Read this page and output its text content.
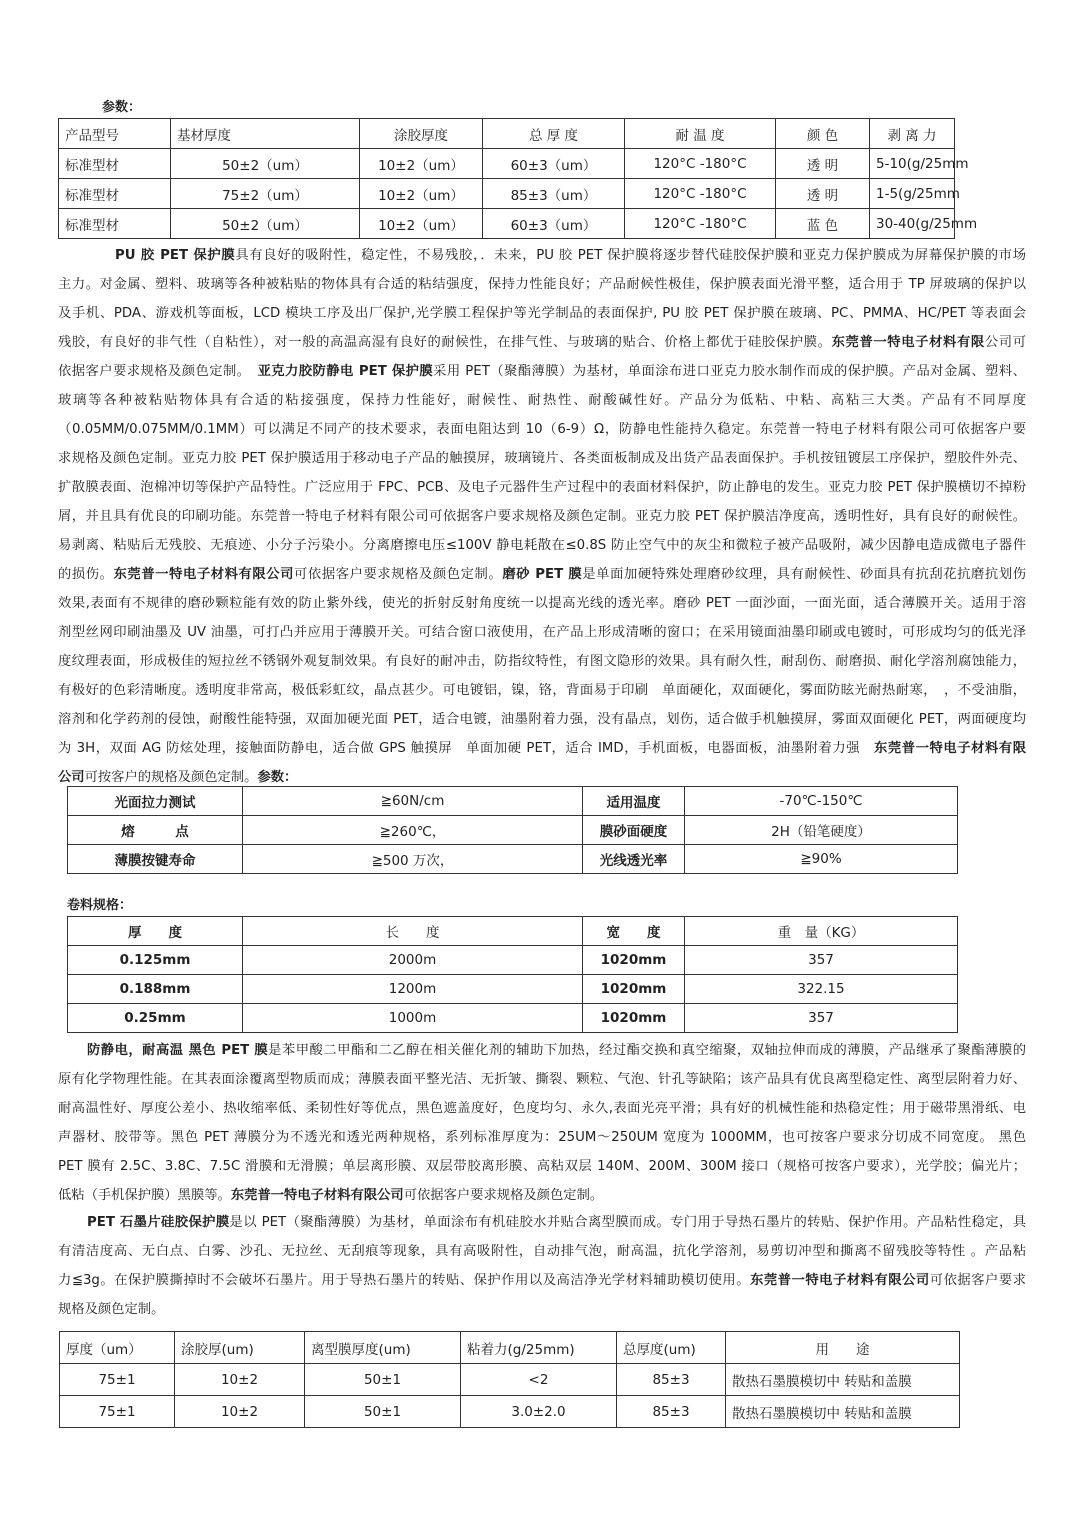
参数：
产品型号	基材厚度	涂胶厚度	总 厚 度	耐 温 度	颜 色	剥 离 力
标准型材	50±2（um）	10±2（um）	60±3（um）	120°C -180°C	透 明	5-10(g/25mm
标准型材	75±2（um）	10±2（um）	85±3（um）	120°C -180°C	透 明	1-5(g/25mm
标准型材	50±2（um）	10±2（um）	60±3（um）	120°C -180°C	蓝 色	30-40(g/25mm
PU 胶 PET 保护膜具有良好的吸附性，稳定性，不易残胶，．未来，PU 胶 PET 保护膜将逐步替代硅胶保护膜和亚克力保护膜成为屏幕保护膜的市场
主力。对金属、塑料、玻璃等各种被粘贴的物体具有合适的粘结强度，保持力性能良好；产品耐候性极佳，保护膜表面光滑平整，适合用于 TP 屏玻璃的保护以
及手机、PDA、游戏机等面板，LCD 模块工序及出厂保护,光学膜工程保护等光学制品的表面保护, PU 胶 PET 保护膜在玻璃、PC、PMMA、HC/PET 等表面会
残胶，有良好的非气性（自粘性），对一般的高温高湿有良好的耐候性，在排气性、与玻璃的贴合、价格上都优于硅胶保护膜。东莞普一特电子材料有限公司可
依据客户要求规格及颜色定制。　亚克力胶防静电 PET 保护膜采用 PET（聚酯薄膜）为基材，单面涂布进口亚克力胶水制作而成的保护膜。产品对金属、塑料、
玻璃等各种被粘贴物体具有合适的粘接强度，保持力性能好，耐候性、耐热性、耐酸碱性好。产品分为低粘、中粘、高粘三大类。产品有不同厚度
（0.05MM/0.075MM/0.1MM）可以满足不同产的技术要求，表面电阻达到 10（6-9）Ω，防静电性能持久稳定。东莞普一特电子材料有限公司可依据客户要
求规格及颜色定制。亚克力胶 PET 保护膜适用于移动电子产品的触摸屏，玻璃镜片、各类面板制成及出货产品表面保护。手机按钮镀层工序保护，塑胶件外壳、
扩散膜表面、泡棉冲切等保护产品特性。广泛应用于 FPC、PCB、及电子元器件生产过程中的表面材料保护，防止静电的发生。亚克力胶 PET 保护膜横切不掉粉
屑，并且具有优良的印刷功能。东莞普一特电子材料有限公司可依据客户要求规格及颜色定制。亚克力胶 PET 保护膜洁净度高，透明性好，具有良好的耐候性。
易剥离、粘贴后无残胶、无痕迹、小分子污染小。分离磨擦电压≤100V 静电耗散在≤0.8S 防止空气中的灰尘和微粒子被产品吸附，减少因静电造成微电子器件
的损伤。东莞普一特电子材料有限公司可依据客户要求规格及颜色定制。磨砂 PET 膜是单面加硬特殊处理磨砂纹理，具有耐候性、砂面具有抗刮花抗磨抗划伤
效果,表面有不规律的磨砂颗粒能有效的防止紫外线，使光的折射反射角度统一以提高光线的透光率。磨砂 PET 一面沙面，一面光面，适合薄膜开关。适用于溶
剂型丝网印刷油墨及 UV 油墨，可打凸并应用于薄膜开关。可结合窗口液使用，在产品上形成清晰的窗口；在采用镜面油墨印刷或电镀时，可形成均匀的低光泽
度纹理表面，形成极佳的短拉丝不锈钢外观复制效果。有良好的耐冲击，防指纹特性，有图文隐形的效果。具有耐久性，耐刮伤、耐磨损、耐化学溶剂腐蚀能力，
有极好的色彩清晰度。透明度非常高，极低彩虹纹，晶点甚少。可电镀铝，镍，铬，背面易于印刷　单面硬化，双面硬化，雾面防眩光耐热耐寒，　，不受油脂，
溶剂和化学药剂的侵蚀，耐酸性能特强，双面加硬光面 PET，适合电镀，油墨附着力强，没有晶点，划伤，适合做手机触摸屏，雾面双面硬化 PET，两面硬度均
为 3H，双面 AG 防炫处理，接触面防静电，适合做 GPS 触摸屏　单面加硬 PET，适合 IMD，手机面板，电器面板，油墨附着力强　东莞普一特电子材料有限
公司可按客户的规格及颜色定制。参数：
光面拉力测试	≧60N/cm	适用温度	-70℃-150℃
熔　　　点	≧260℃，	膜砂面硬度	2H（铅笔硬度）
薄膜按键寿命	≧500 万次，	光线透光率	≧90%
卷料规格：
厚　　度	长　　度	宽　　度	重　量（KG）
0.125mm	2000m	1020mm	357
0.188mm	1200m	1020mm	322.15
0.25mm	1000m	1020mm	357
防静电，耐高温 黑色 PET 膜是苯甲酸二甲酯和二乙醇在相关催化剂的辅助下加热，经过酯交换和真空缩聚，双轴拉伸而成的薄膜，产品继承了聚酯薄膜的
原有化学物理性能。在其表面涂覆离型物质而成；薄膜表面平整光洁、无折皱、撕裂、颗粒、气泡、针孔等缺陷；该产品具有优良离型稳定性、离型层附着力好、
耐高温性好、厚度公差小、热收缩率低、柔韧性好等优点，黑色遮盖度好，色度均匀、永久,表面光亮平滑；具有好的机械性能和热稳定性；用于磁带黑滑纸、电
声器材、胶带等。黑色 PET 薄膜分为不透光和透光两种规格，系列标准厚度为：25UM～250UM 宽度为 1000MM，也可按客户要求分切成不同宽度。 黑色
PET 膜有 2.5C、3.8C、7.5C 滑膜和无滑膜；单层离形膜、双层带胶离形膜、高粘双层 140M、200M、300M 接口（规格可按客户要求），光学胶；偏光片；
低粘（手机保护膜）黑膜等。东莞普一特电子材料有限公司可依据客户要求规格及颜色定制。
PET 石墨片硅胶保护膜是以 PET（聚酯薄膜）为基材，单面涂布有机硅胶水并贴合离型膜而成。专门用于导热石墨片的转贴、保护作用。产品粘性稳定，具
有清洁度高、无白点、白雾、沙孔、无拉丝、无刮痕等现象，具有高吸附性，自动排气泡，耐高温，抗化学溶剂，易剪切冲型和撕离不留残胶等特性 。产品粘
力≦3g。在保护膜撕掉时不会破坏石墨片。用于导热石墨片的转贴、保护作用以及高洁净光学材料辅助模切使用。东莞普一特电子材料有限公司可依据客户要求
规格及颜色定制。
厚度（um）	涂胶厚(um)	离型膜厚度(um)	粘着力(g/25mm)	总厚度(um)	用　　途
75±1	10±2	50±1	<2	85±3	散热石墨膜模切中 转贴和盖膜
75±1	10±2	50±1	3.0±2.0	85±3	散热石墨膜模切中 转贴和盖膜
